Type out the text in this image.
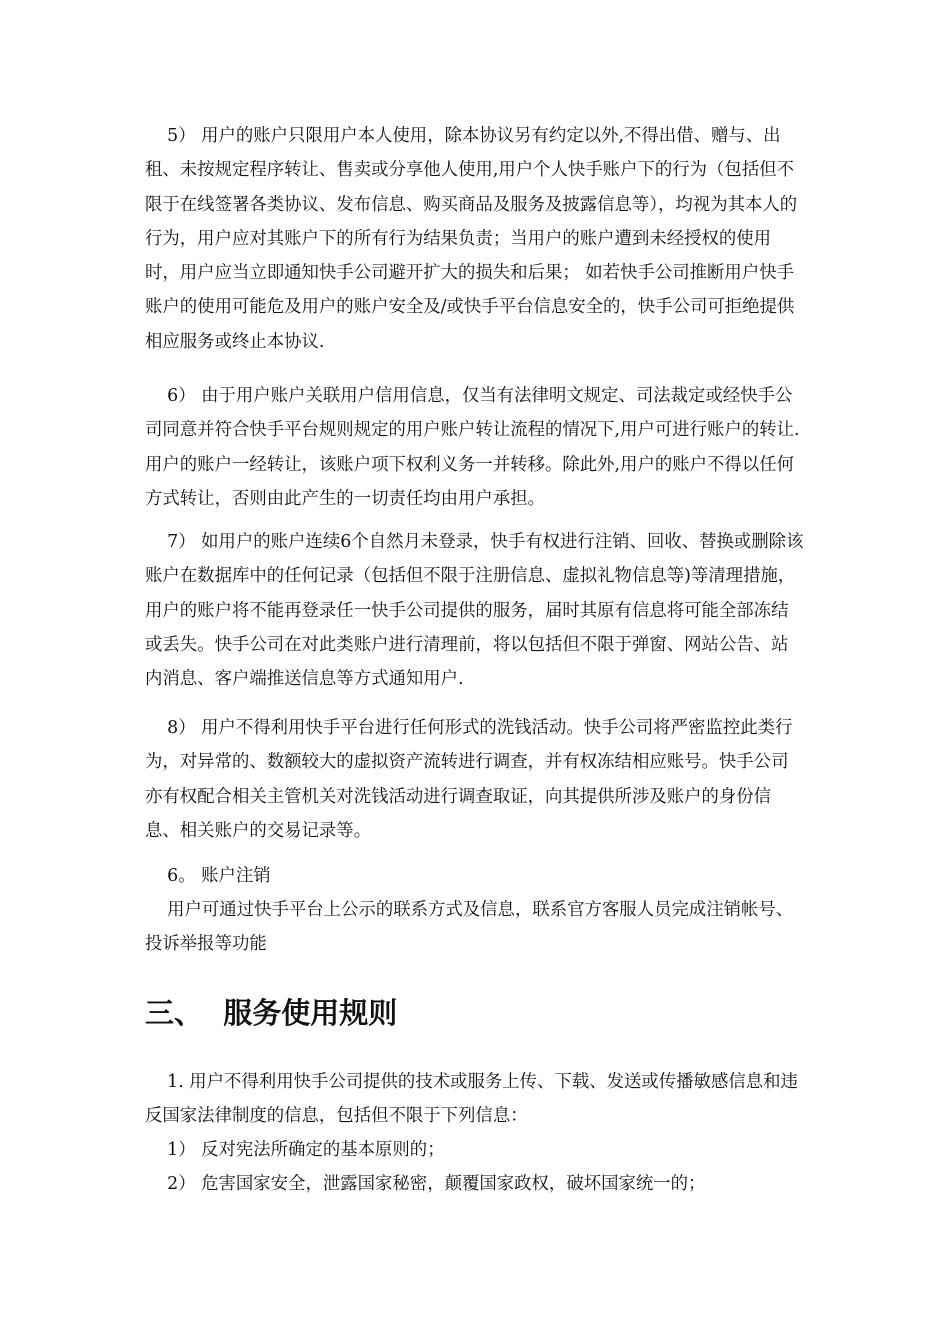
5） 用户的账户只限用户本人使用，除本协议另有约定以外,不得出借、赠与、出租、未按规定程序转让、售卖或分享他人使用,用户个人快手账户下的行为（包括但不限于在线签署各类协议、发布信息、购买商品及服务及披露信息等），均视为其本人的行为，用户应对其账户下的所有行为结果负责；当用户的账户遭到未经授权的使用时，用户应当立即通知快手公司避开扩大的损失和后果； 如若快手公司推断用户快手账户的使用可能危及用户的账户安全及/或快手平台信息安全的，快手公司可拒绝提供相应服务或终止本协议.

6） 由于用户账户关联用户信用信息，仅当有法律明文规定、司法裁定或经快手公司同意并符合快手平台规则规定的用户账户转让流程的情况下,用户可进行账户的转让.用户的账户一经转让，该账户项下权利义务一并转移。除此外,用户的账户不得以任何方式转让，否则由此产生的一切责任均由用户承担。

7） 如用户的账户连续6个自然月未登录，快手有权进行注销、回收、替换或删除该账户在数据库中的任何记录（包括但不限于注册信息、虚拟礼物信息等)等清理措施，用户的账户将不能再登录任一快手公司提供的服务，届时其原有信息将可能全部冻结或丢失。快手公司在对此类账户进行清理前，将以包括但不限于弹窗、网站公告、站内消息、客户端推送信息等方式通知用户.

8） 用户不得利用快手平台进行任何形式的洗钱活动。快手公司将严密监控此类行为，对异常的、数额较大的虚拟资产流转进行调查，并有权冻结相应账号。快手公司亦有权配合相关主管机关对洗钱活动进行调查取证，向其提供所涉及账户的身份信息、相关账户的交易记录等。

6。 账户注销

用户可通过快手平台上公示的联系方式及信息，联系官方客服人员完成注销帐号、投诉举报等功能

三、  服务使用规则

1. 用户不得利用快手公司提供的技术或服务上传、下载、发送或传播敏感信息和违反国家法律制度的信息，包括但不限于下列信息：

1） 反对宪法所确定的基本原则的；

2） 危害国家安全，泄露国家秘密，颠覆国家政权，破坏国家统一的；
